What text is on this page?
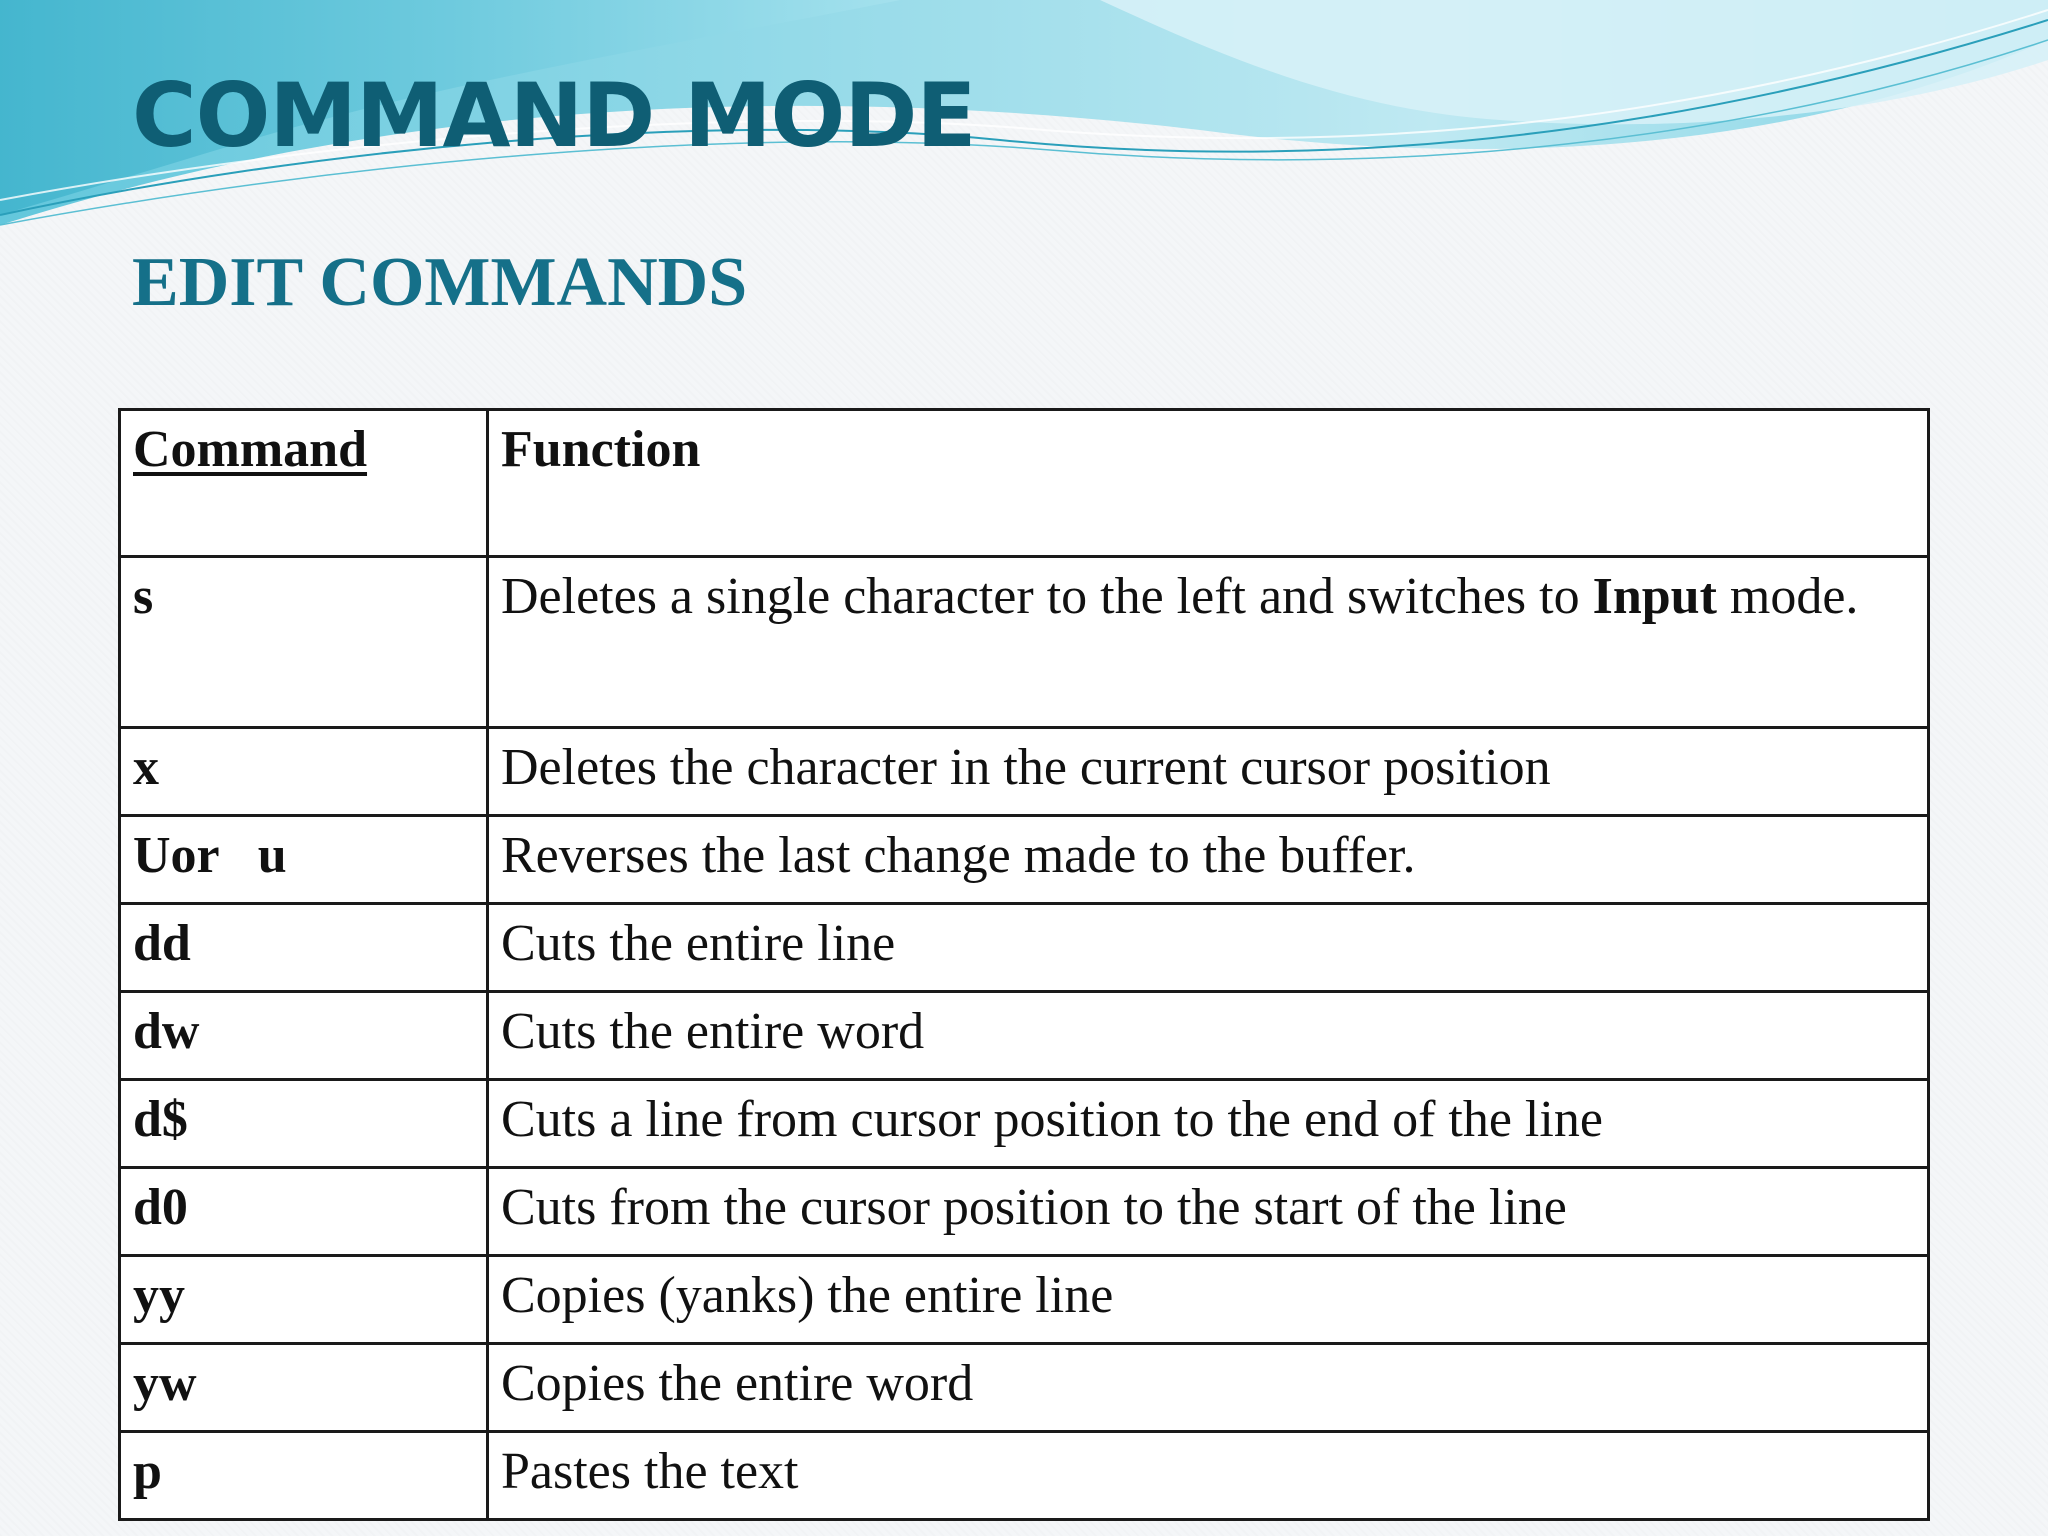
COMMAND MODE
EDIT COMMANDS
Command	Function
s	Deletes a single character to the left and switches to Input mode.
x	Deletes the character in the current cursor position
Uor   u	Reverses the last change made to the buffer.
dd	Cuts the entire line
dw	Cuts the entire word
d$	Cuts a line from cursor position to the end of the line
d0	Cuts from the cursor position to the start of the line
yy	Copies (yanks) the entire line
yw	Copies the entire word
p	Pastes the text
